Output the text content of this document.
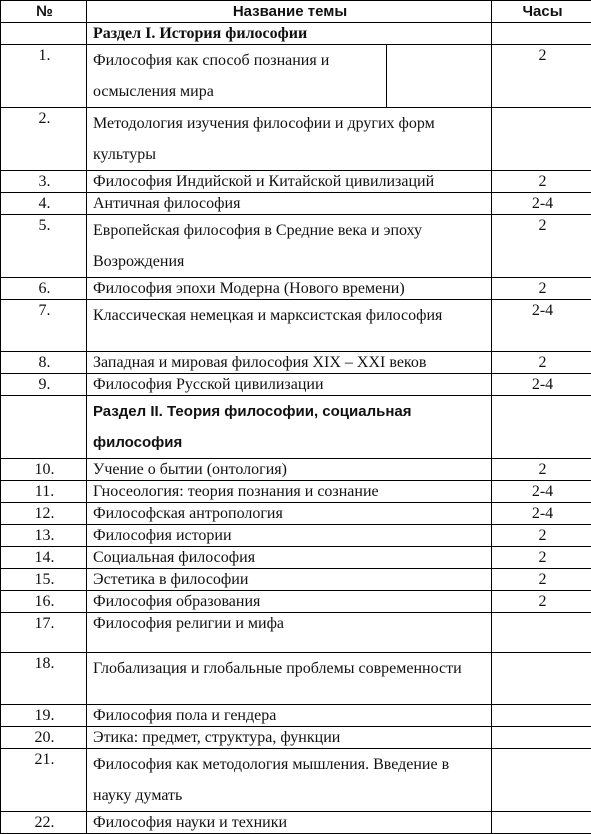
№	Название темы	Часы
	Раздел I. История философии	
1.	Философия как способ познания и осмысления мира	2
2.	Методология изучения философии и других форм культуры	
3.	Философия Индийской и Китайской цивилизаций	2
4.	Античная философия	2-4
5.	Европейская философия в Средние века и эпоху Возрождения	2
6.	Философия эпохи Модерна (Нового времени)	2
7.	Классическая немецкая и марксистская философия	2-4
8.	Западная и мировая философия XIX – XXI веков	2
9.	Философия Русской цивилизации	2-4
	Раздел II. Теория философии, социальная философия	
10.	Учение о бытии (онтология)	2
11.	Гносеология: теория познания и сознание	2-4
12.	Философская антропология	2-4
13.	Философия истории	2
14.	Социальная философия	2
15.	Эстетика в философии	2
16.	Философия образования	2
17.	Философия религии и мифа	
18.	Глобализация и глобальные проблемы современности	
19.	Философия пола и гендера	
20.	Этика: предмет, структура, функции	
21.	Философия как методология мышления. Введение в науку думать	
22.	Философия науки и техники	
